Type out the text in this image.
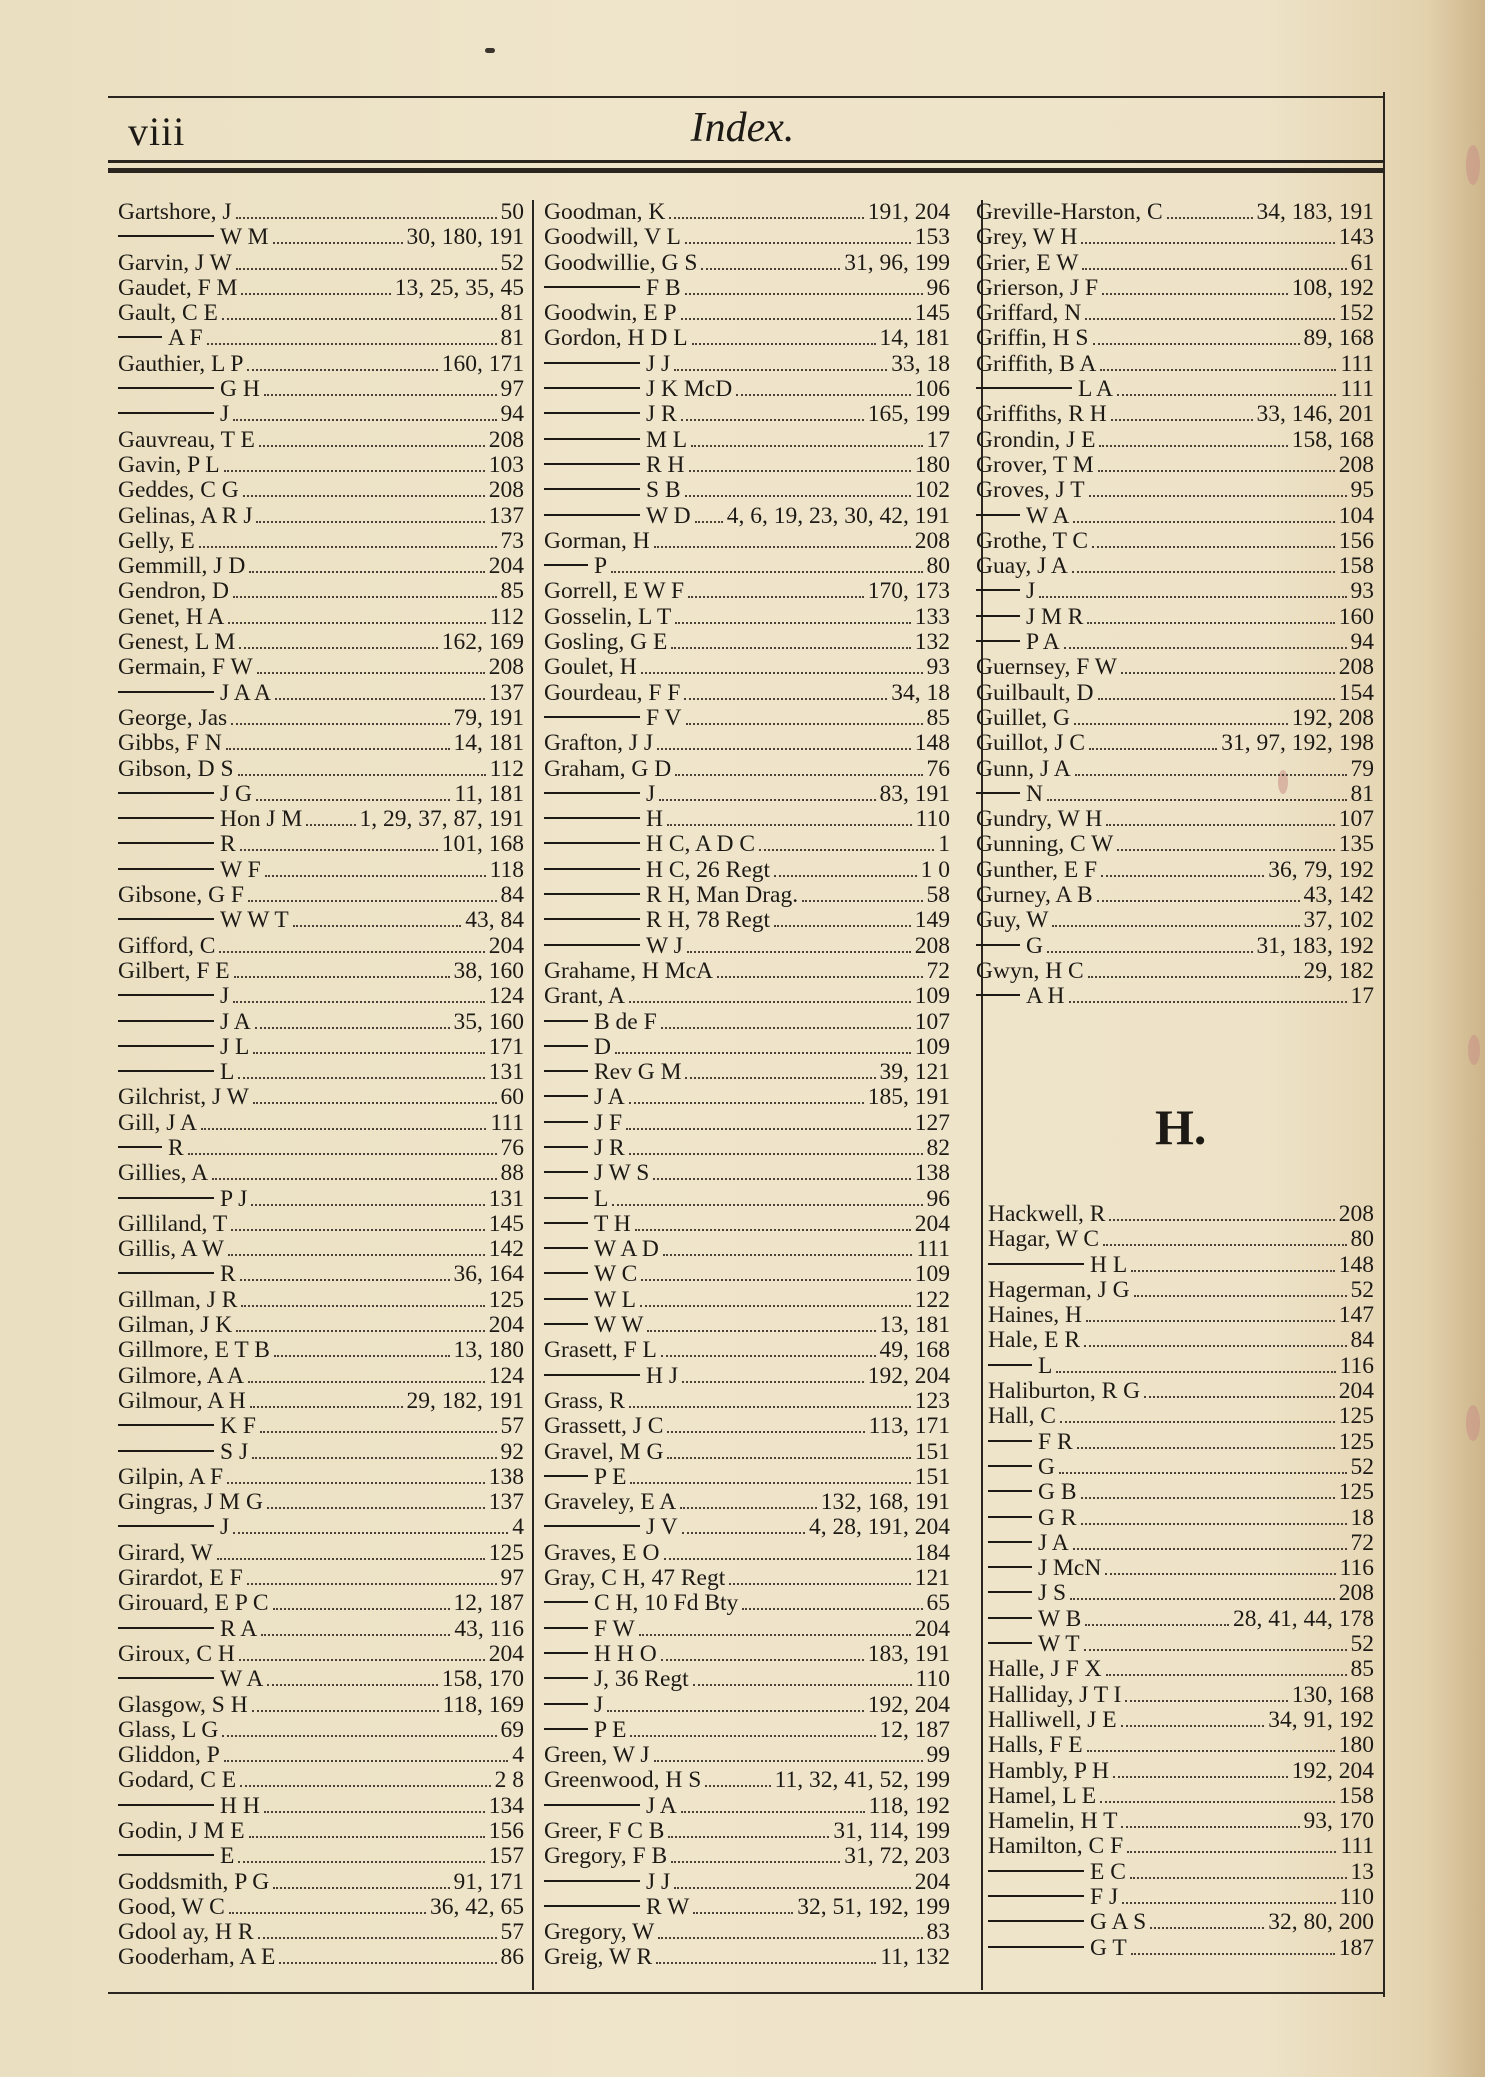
viii	Index.
Gartshore, J	50
W M	30, 180, 191
Garvin, J W	52
Gaudet, F M	13, 25, 35, 45
Gault, C E	81
A F	81
Gauthier, L P	160, 171
G H	97
J	94
Gauvreau, T E	208
Gavin, P L	103
Geddes, C G	208
Gelinas, A R J	137
Gelly, E	73
Gemmill, J D	204
Gendron, D	85
Genet, H A	112
Genest, L M	162, 169
Germain, F W	208
J A A	137
George, Jas	79, 191
Gibbs, F N	14, 181
Gibson, D S	112
J G	11, 181
Hon J M 1, 29, 37, 87, 191
R	101, 168
W F	118
Gibsone, G F	84
W W T	43, 84
Gifford, C	204
Gilbert, F E	38, 160
J	124
J A	35, 160
J L	171
L	131
Gilchrist, J W	60
Gill, J A	111
R	76
Gillies, A	88
P J	131
Gilliland, T	145
Gillis, A W	142
R	36, 164
Gillman, J R	125
Gilman, J K	204
Gillmore, E T B	13, 180
Gilmore, A A	124
Gilmour, A H	29, 182, 191
K F	57
S J	92
Gilpin, A F	138
Gingras, J M G	137
J	4
Girard, W	125
Girardot, E F	97
Girouard, E P C	12, 187
R A	43, 116
Giroux, C H	204
W A	158, 170
Glasgow, S H	118, 169
Glass, L G	69
Gliddon, P	4
Godard, C E	2 8
H H	134
Godin, J M E	156
E	157
Goddsmith, P G	91, 171
Good, W C	36, 42, 65
Gdool ay, H R	57
Gooderham, A E	86
Goodman, K	191, 204
Goodwill, V L	153
Goodwillie, G S	31, 96, 199
F B	96
Goodwin, E P	145
Gordon, H D L	14, 181
J J	33, 18
J K McD	106
J R	165, 199
M L	17
R H	180
S B	102
W D 4, 6, 19, 23, 30, 42, 191
Gorman, H	208
P	80
Gorrell, E W F	170, 173
Gosselin, L T	133
Gosling, G E	132
Goulet, H	93
Gourdeau, F F	34, 18
F V	85
Grafton, J J	148
Graham, G D	76
J	83, 191
H	110
H C, A D C	1
H C, 26 Regt	1 0
R H, Man Drag.	58
R H, 78 Regt	149
W J	208
Grahame, H McA	72
Grant, A	109
B de F	107
D	109
Rev G M	39, 121
J A	185, 191
J F	127
J R	82
J W S	138
L	96
T H	204
W A D	111
W C	109
W L	122
W W	13, 181
Grasett, F L	49, 168
H J	192, 204
Grass, R	123
Grassett, J C	113, 171
Gravel, M G	151
P E	151
Graveley, E A	132, 168, 191
J V	4, 28, 191, 204
Graves, E O	184
Gray, C H, 47 Regt	121
C H, 10 Fd Bty	65
F W	204
H H O	183, 191
J, 36 Regt	110
J	192, 204
P E	12, 187
Green, W J	99
Greenwood, H S	11, 32, 41, 52, 199
J A	118, 192
Greer, F C B	31, 114, 199
Gregory, F B	31, 72, 203
J J	204
R W	32, 51, 192, 199
Gregory, W	83
Greig, W R	11, 132
Greville-Harston, C	34, 183, 191
Grey, W H	143
Grier, E W	61
Grierson, J F	108, 192
Griffard, N	152
Griffin, H S	89, 168
Griffith, B A	111
L A	111
Griffiths, R H	33, 146, 201
Grondin, J E	158, 168
Grover, T M	208
Groves, J T	95
W A	104
Grothe, T C	156
Guay, J A	158
J	93
J M R	160
P A	94
Guernsey, F W	208
Guilbault, D	154
Guillet, G	192, 208
Guillot, J C	31, 97, 192, 198
Gunn, J A	79
N	81
Gundry, W H	107
Gunning, C W	135
Gunther, E F	36, 79, 192
Gurney, A B	43, 142
Guy, W	37, 102
G	31, 183, 192
Gwyn, H C	29, 182
A H	17
Hackwell, R	208
Hagar, W C	80
H L	148
Hagerman, J G	52
Haines, H	147
Hale, E R	84
L	116
Haliburton, R G	204
Hall, C	125
F R	125
G	52
G B	125
G R	18
J A	72
J McN	116
J S	208
W B	28, 41, 44, 178
W T	52
Halle, J F X	85
Halliday, J T I	130, 168
Halliwell, J E	34, 91, 192
Halls, F E	180
Hambly, P H	192, 204
Hamel, L E	158
Hamelin, H T	93, 170
Hamilton, C F	111
E C	13
F J	110
G A S	32, 80, 200
G T	187
H.
